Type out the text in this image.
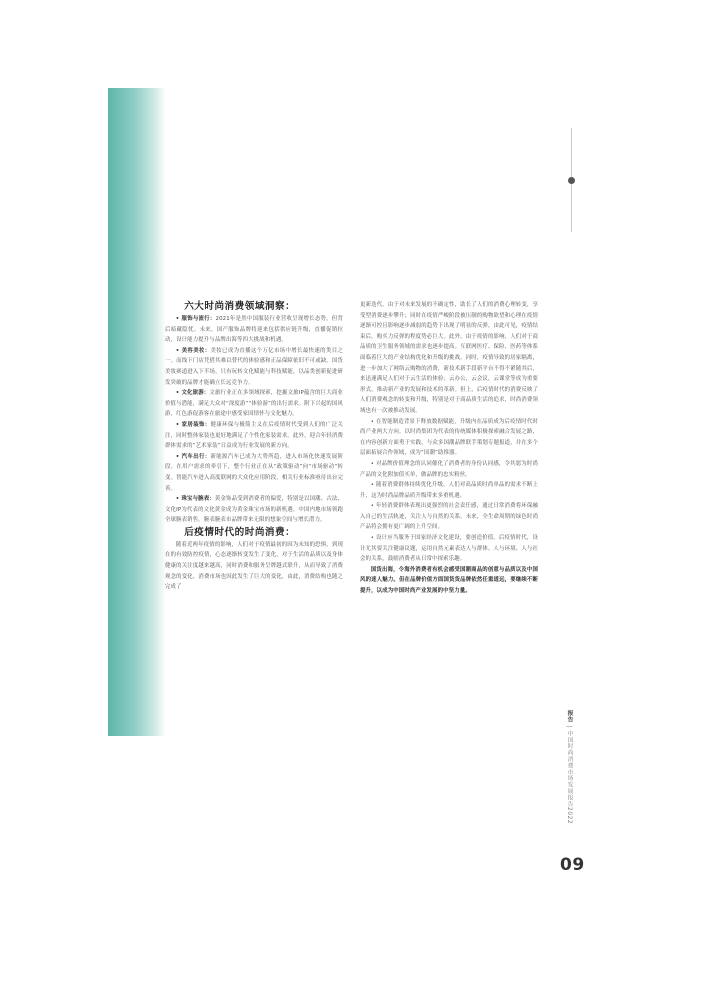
六大时尚消费领域洞察：

• 服饰与流行：2021年是然中国服装行业营收呈现增长态势，但背后暗藏隐忧。未来，国产服饰品牌将迎来包括供应链升级，直播促销拉动，设计能力提升与品牌出海等四大挑战和机遇。

• 美容美妆：美妆已成为直播这个万亿市场中增长最快速的类目之一。而线下门店凭借其难以替代的体验感和正品保障依旧不可或缺。国货美妆赛道进入下半场，只有玩转文化赋能与科技赋能，以品类创新促进研发突破的品牌才能确立长远竞争力。

• 文化旅游：文旅行业正在多领域探索，挖掘文旅IP蕴含的巨大商业价值与潜能，满足大众对“深度游”“体验游”的出行需求。附下兴起的国风游，红色游促游客在旅途中感受家国情怀与文化魅力。

• 家居装饰：健康环保与极简主义在后疫情时代受到人们的广泛关注，同时整体家装也更好地满足了个性化家装需求。此外，迎合年轻消费群体需求的“艺术家装”日益成为行业发展的新方向。

• 汽车出行：新能源汽车已成为大势所趋，进入市场化快速发展阶段。在用户需求的牵引下，整个行业正在从“政策驱动”向“市场驱动”转变。智能汽车进入高度联网的大众化应用阶段，相关行业标准亟待出台完善。

• 珠宝与腕表：黄金饰品受到消费者的偏爱，特别是以国潮、古法、文化IP为代表的文化黄金成为黄金珠宝市场的新机遇。中国内地市场领跑全球腕表销售。腕表腕表市品牌带来无限的想象空间与增长潜力。

后疫情时代的时尚消费：

随着近两年疫情的影响，人们对于疫情最初的因为未知的恐惧，到现在的有效防控疫情，心态逐渐转变发生了变化，对于生活的品质以及身体健康的关注度越来越高，同时消费和服务呈牌越式联升，从而导致了消费观念的变化。消费市场也因此发生了巨大的变化，由此，消费结构也随之完成了

更新迭代。由于对未来发展的不确定性，助长了人们的消费心理转变，享受型消费逐步攀升；同时在疫情严峻阶段被压制的购物欲望和心理在疫情逐渐可控且影响逐步减弱的趋势下出现了明显的反弹，由此可见，疫情结束后，购买力反弹的程度势必巨大。此外，由于疫情的影响，人们对于商品质的卫生服务领域的需求也逐步提高。互联网医疗、保险、医药等体系面临着巨大的产业结构优化和升级的挑战。同时，疫情导致的居家隔离，进一步加大了网络云购物的消费，新技术新手段新平台不得不紧随其后，来迅速满足人们对于云生活的体验；云办公，云会议，云课堂等成为重要形式，推动新产业的发展和技术的革新。但上，后疫情时代的消费反映了人们消费观念的转变和升级，特别是对于商品质生活的追求，时尚消费领域也有一次被推动发展。

• 在智能制造背景下释放数据赋能，升级内在品质成为后疫情时代时尚产业两大方向。以时尚集团为代表的传统媒体积极探索融合发展之路，在内容创新方面勇于实践，与众多国潮品牌联手策划专题报道，并在多个层面拓展合作领域，成为“国潮”助推器。

• 对品牌价值理念的认同催化了消费者的身份认同感，令其愿为时尚产品的文化附加值买单，做品牌的忠实粉丝。

• 随着消费群体持续优化升级，人们对高品质时尚单品的需求不断上升，这为时尚品牌品质升级带来多重机遇。

• 年轻消费群体表现出更强烈的社会责任感，通过日常消费将环保融入自己的生活轨迹，关注人与自然的关系。未来，全生命周期的绿色时尚产品将会拥有更广阔的上升空间。

• 设计应当服务于国家经济文化建设，要创造价值。后疫情时代，设计尤其要关注健康议题，运用自然元素表达人与群体、人与环境、人与社会的关系，鼓励消费者从日常中探索乐趣。

国货出海，令海外消费者有机会感受国潮商品的创意与品质以及中国风的迷人魅力。但在品牌价值方面国货货品牌依然任重道远，要继续不断提升，以成为中国时尚产业发展的中坚力量。

报告 | 中国时尚消费市场发展报告2022
09
